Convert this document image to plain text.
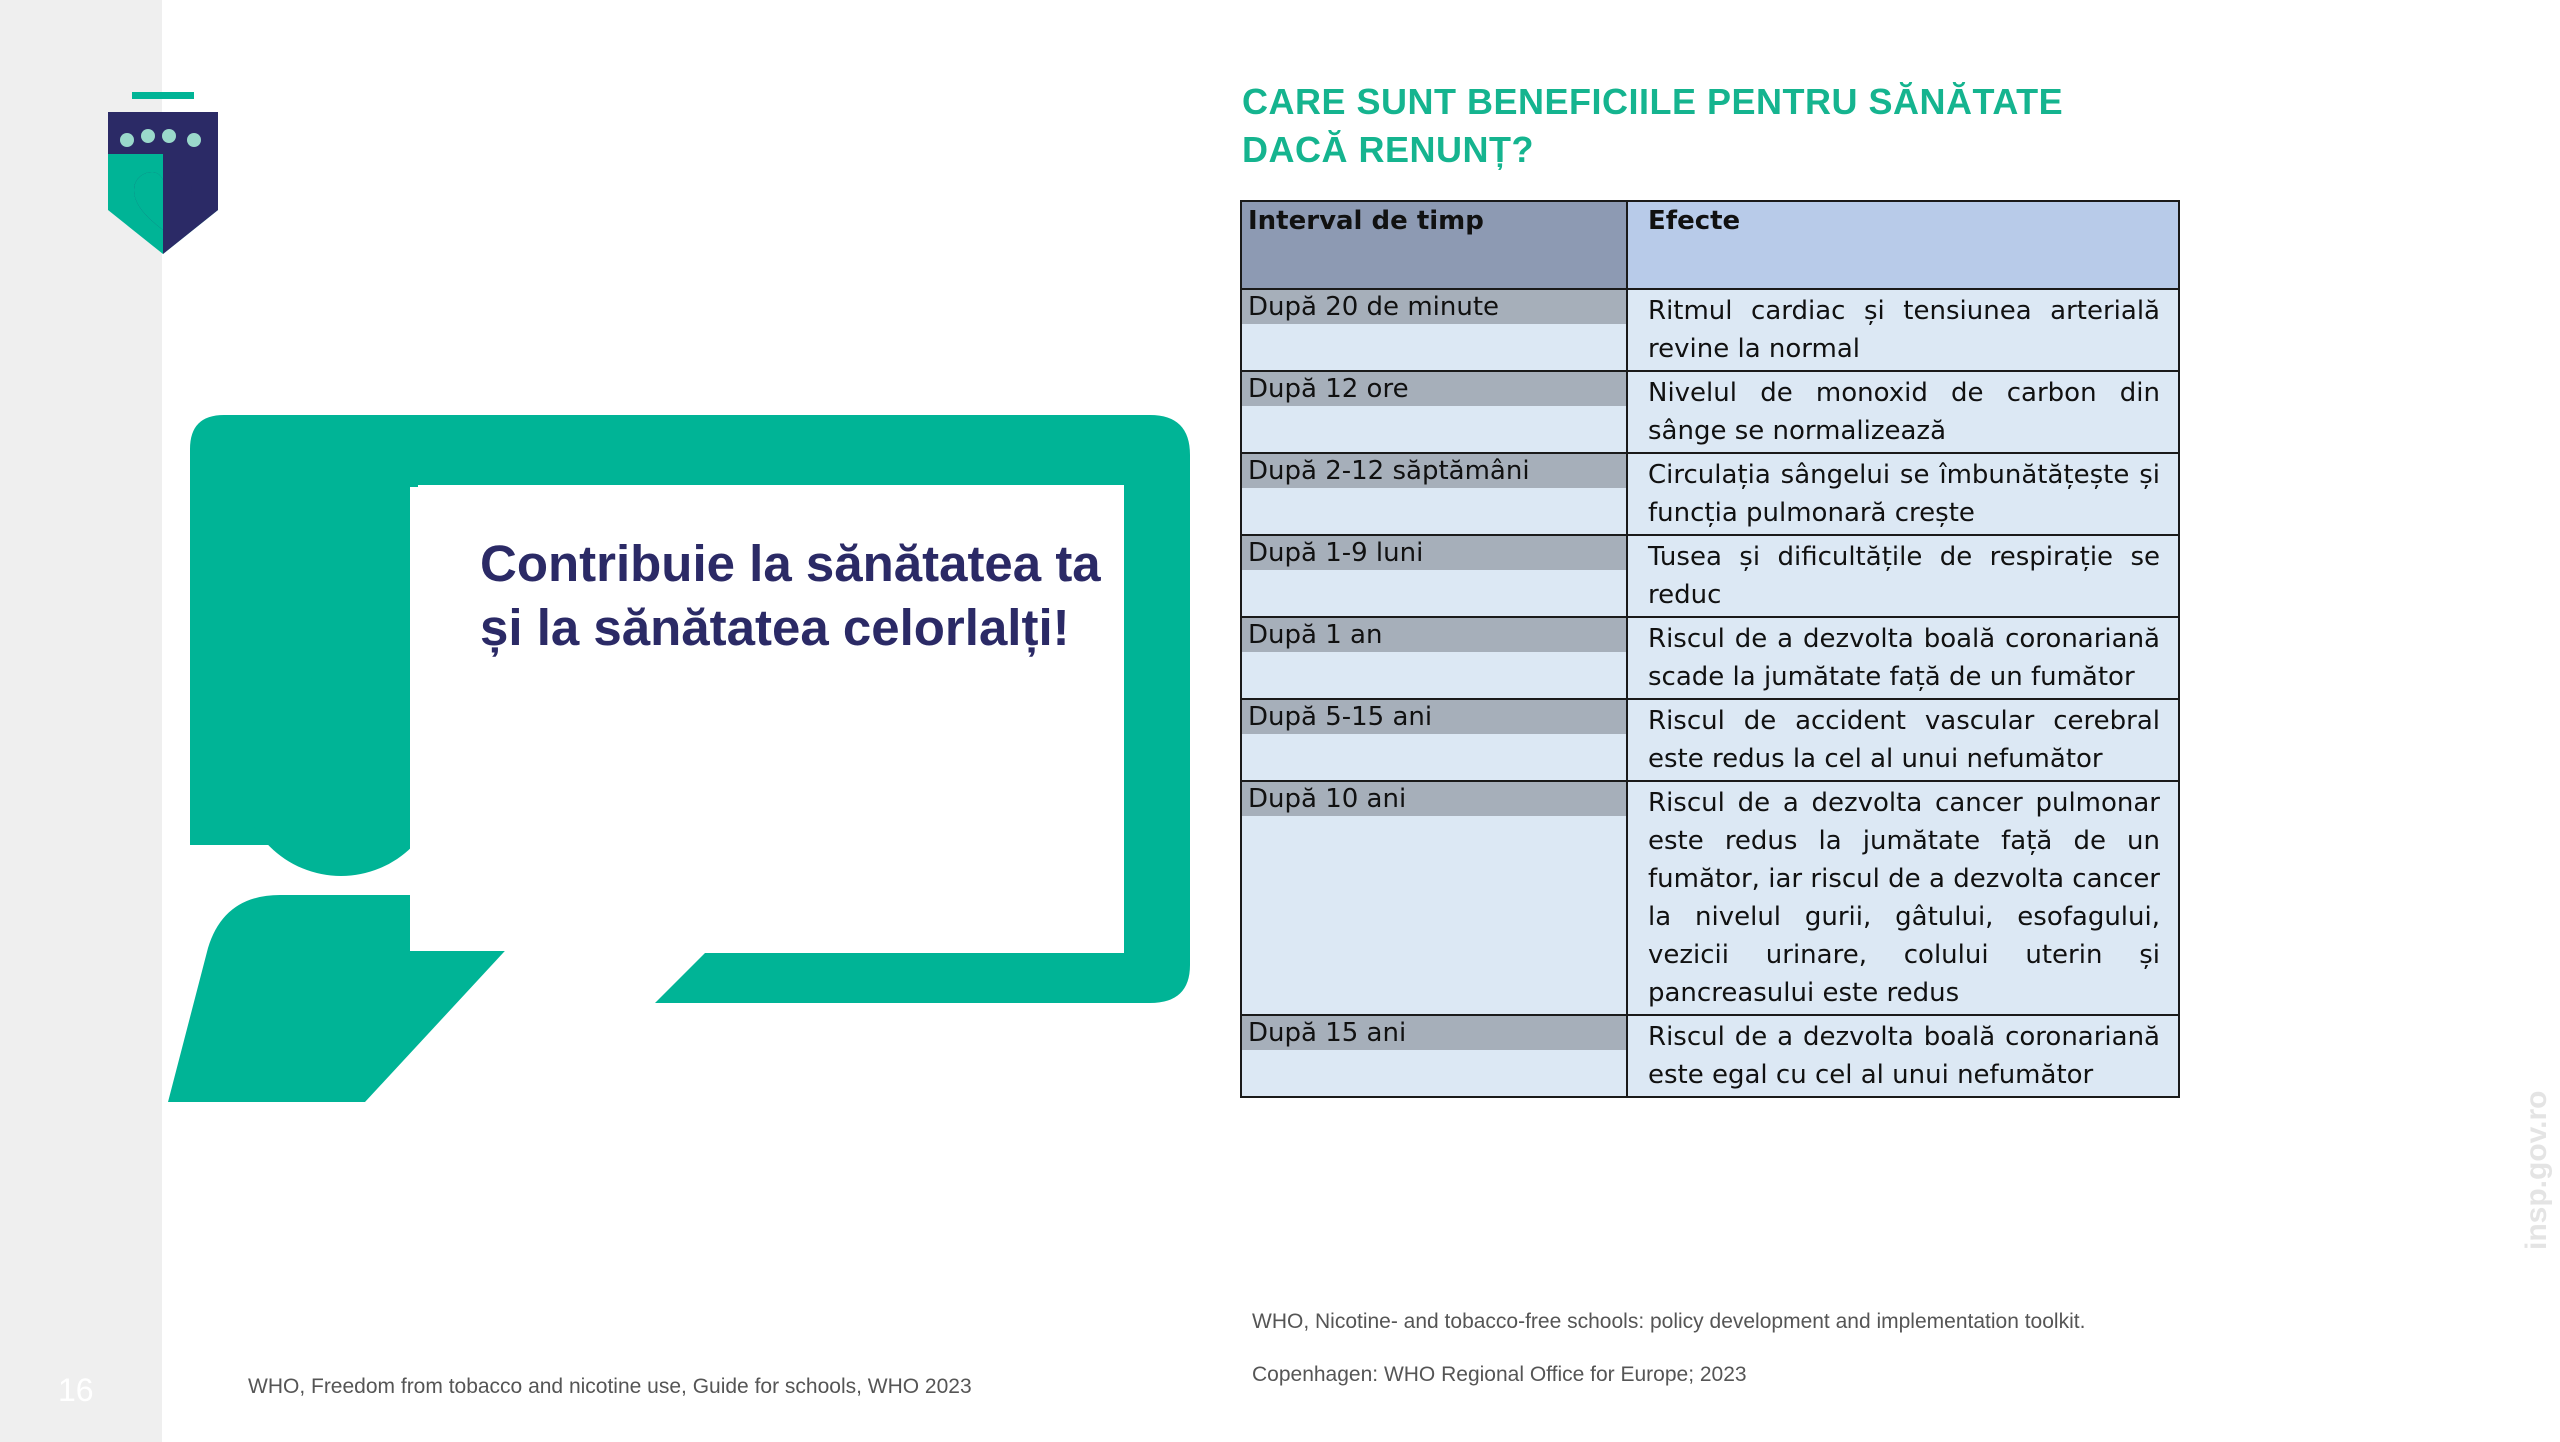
16
Contribuie la sănătatea ta
și la sănătatea celorlalți!
WHO, Freedom from tobacco and nicotine use, Guide for schools, WHO 2023
CARE SUNT BENEFICIILE PENTRU SĂNĂTATE
DACĂ RENUNȚ?
Interval de timp	Efecte

După 20 de minute	Ritmul cardiac și tensiunea arterială revine la normal

După 12 ore	Nivelul de monoxid de carbon din sânge se normalizează

După 2-12 săptămâni	Circulația sângelui se îmbunătățește și funcția pulmonară crește

După 1-9 luni	Tusea și dificultățile de respirație se reduc

După 1 an	Riscul de a dezvolta boală coronariană scade la jumătate față de un fumător

După 5-15 ani	Riscul de accident vascular cerebral este redus la cel al unui nefumător

După 10 ani	Riscul de a dezvolta cancer pulmonar este redus la jumătate față de un fumător, iar riscul de a dezvolta cancer la nivelul gurii, gâtului, esofagului, vezicii urinare, colului uterin și pancreasului este redus

După 15 ani	Riscul de a dezvolta boală coronariană este egal cu cel al unui nefumător
WHO, Nicotine- and tobacco-free schools: policy development and implementation toolkit.
Copenhagen: WHO Regional Office for Europe; 2023
insp.gov.ro
